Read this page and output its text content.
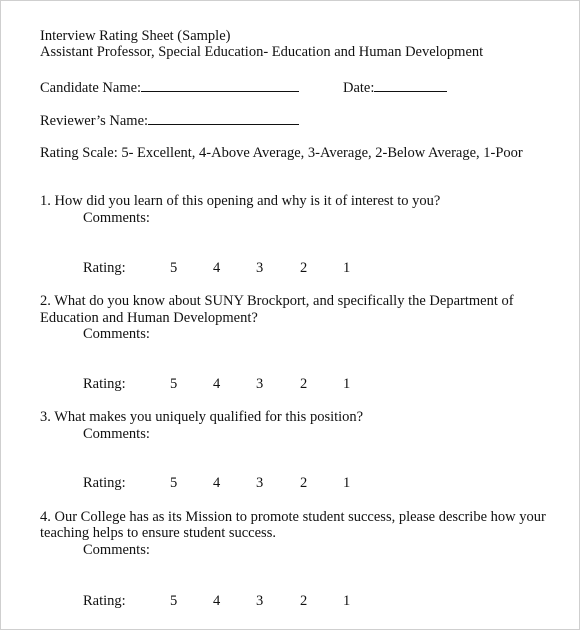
Interview Rating Sheet (Sample)
Assistant Professor, Special Education- Education and Human Development
Candidate Name:	Date:
Reviewer’s Name:
Rating Scale: 5- Excellent, 4-Above Average, 3-Average, 2-Below Average, 1-Poor
1. How did you learn of this opening and why is it of interest to you?
Comments:
Rating:	5 4 3	2 1
2. What do you know about SUNY Brockport, and specifically the Department of
Education and Human Development?
Comments:
Rating:	5 4 3	2 1
3. What makes you uniquely qualified for this position?
Comments:
Rating:	5 4 3	2 1
4. Our College has as its Mission to promote student success, please describe how your
teaching helps to ensure student success.
Comments:
Rating:	5 4 3	2 1
